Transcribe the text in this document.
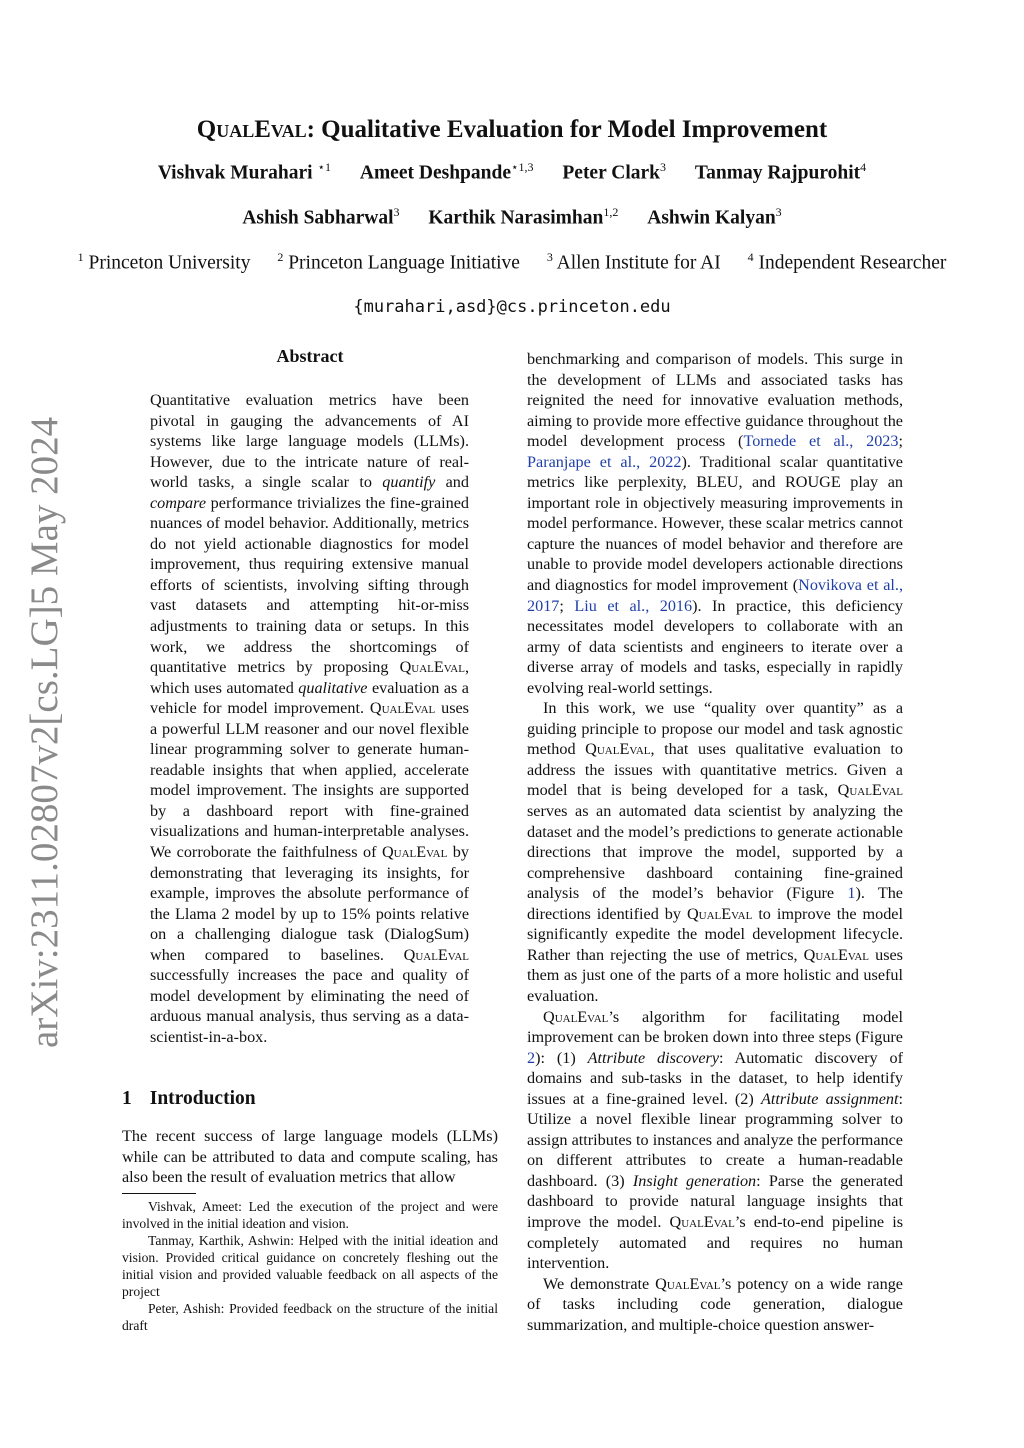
arXiv:2311.02807v2
[cs.LG]
5 May 2024
QualEval: Qualitative Evaluation for Model Improvement
Vishvak Murahari $^{⋆1}$ Ameet Deshpande$^{⋆1,3}$ Peter Clark$^3$ Tanmay Rajpurohit$^4$
Ashish Sabharwal$^3$ Karthik Narasimhan$^{1,2}$ Ashwin Kalyan$^3$
$^1$ Princeton University $^2$ Princeton Language Initiative $^3$ Allen Institute for AI $^4$ Independent Researcher
{murahari,asd}@cs.princeton.edu
Abstract

Quantitative evaluation metrics have been pivotal in gauging the advancements of AI systems like large language models (LLMs). However, due to the intricate nature of real-world tasks, a single scalar to quantify and compare performance trivializes the fine-grained nuances of model behavior. Additionally, metrics do not yield actionable diagnostics for model improvement, thus requiring extensive manual efforts of scientists, involving sifting through vast datasets and attempting hit-or-miss adjustments to training data or setups. In this work, we address the shortcomings of quantitative metrics by proposing QualEval, which uses automated qualitative evaluation as a vehicle for model improvement. QualEval uses a powerful LLM reasoner and our novel flexible linear programming solver to generate human-readable insights that when applied, accelerate model improvement. The insights are supported by a dashboard report with fine-grained visualizations and human-interpretable analyses. We corroborate the faithfulness of QualEval by demonstrating that leveraging its insights, for example, improves the absolute performance of the Llama 2 model by up to 15% points relative on a challenging dialogue task (DialogSum) when compared to baselines. QualEval successfully increases the pace and quality of model development by eliminating the need of arduous manual analysis, thus serving as a data-scientist-in-a-box.

1 Introduction

The recent success of large language models (LLMs) while can be attributed to data and compute scaling, has also been the result of evaluation metrics that allow

Vishvak, Ameet: Led the execution of the project and were involved in the initial ideation and vision.

Tanmay, Karthik, Ashwin: Helped with the initial ideation and vision. Provided critical guidance on concretely fleshing out the initial vision and provided valuable feedback on all aspects of the project

Peter, Ashish: Provided feedback on the structure of the initial draft

benchmarking and comparison of models. This surge in the development of LLMs and associated tasks has reignited the need for innovative evaluation methods, aiming to provide more effective guidance throughout the model development process (Tornede et al., 2023; Paranjape et al., 2022). Traditional scalar quantitative metrics like perplexity, BLEU, and ROUGE play an important role in objectively measuring improvements in model performance. However, these scalar metrics cannot capture the nuances of model behavior and therefore are unable to provide model developers actionable directions and diagnostics for model improvement (Novikova et al., 2017; Liu et al., 2016). In practice, this deficiency necessitates model developers to collaborate with an army of data scientists and engineers to iterate over a diverse array of models and tasks, especially in rapidly evolving real-world settings.

In this work, we use “quality over quantity” as a guiding principle to propose our model and task agnostic method QualEval, that uses qualitative evaluation to address the issues with quantitative metrics. Given a model that is being developed for a task, QualEval serves as an automated data scientist by analyzing the dataset and the model’s predictions to generate actionable directions that improve the model, supported by a comprehensive dashboard containing fine-grained analysis of the model’s behavior (Figure 1). The directions identified by QualEval to improve the model significantly expedite the model development lifecycle. Rather than rejecting the use of metrics, QualEval uses them as just one of the parts of a more holistic and useful evaluation.

QualEval’s algorithm for facilitating model improvement can be broken down into three steps (Figure 2): (1) Attribute discovery: Automatic discovery of domains and sub-tasks in the dataset, to help identify issues at a fine-grained level. (2) Attribute assignment: Utilize a novel flexible linear programming solver to assign attributes to instances and analyze the performance on different attributes to create a human-readable dashboard. (3) Insight generation: Parse the generated dashboard to provide natural language insights that improve the model. QualEval’s end-to-end pipeline is completely automated and requires no human intervention.

We demonstrate QualEval’s potency on a wide range of tasks including code generation, dialogue summarization, and multiple-choice question answer-
